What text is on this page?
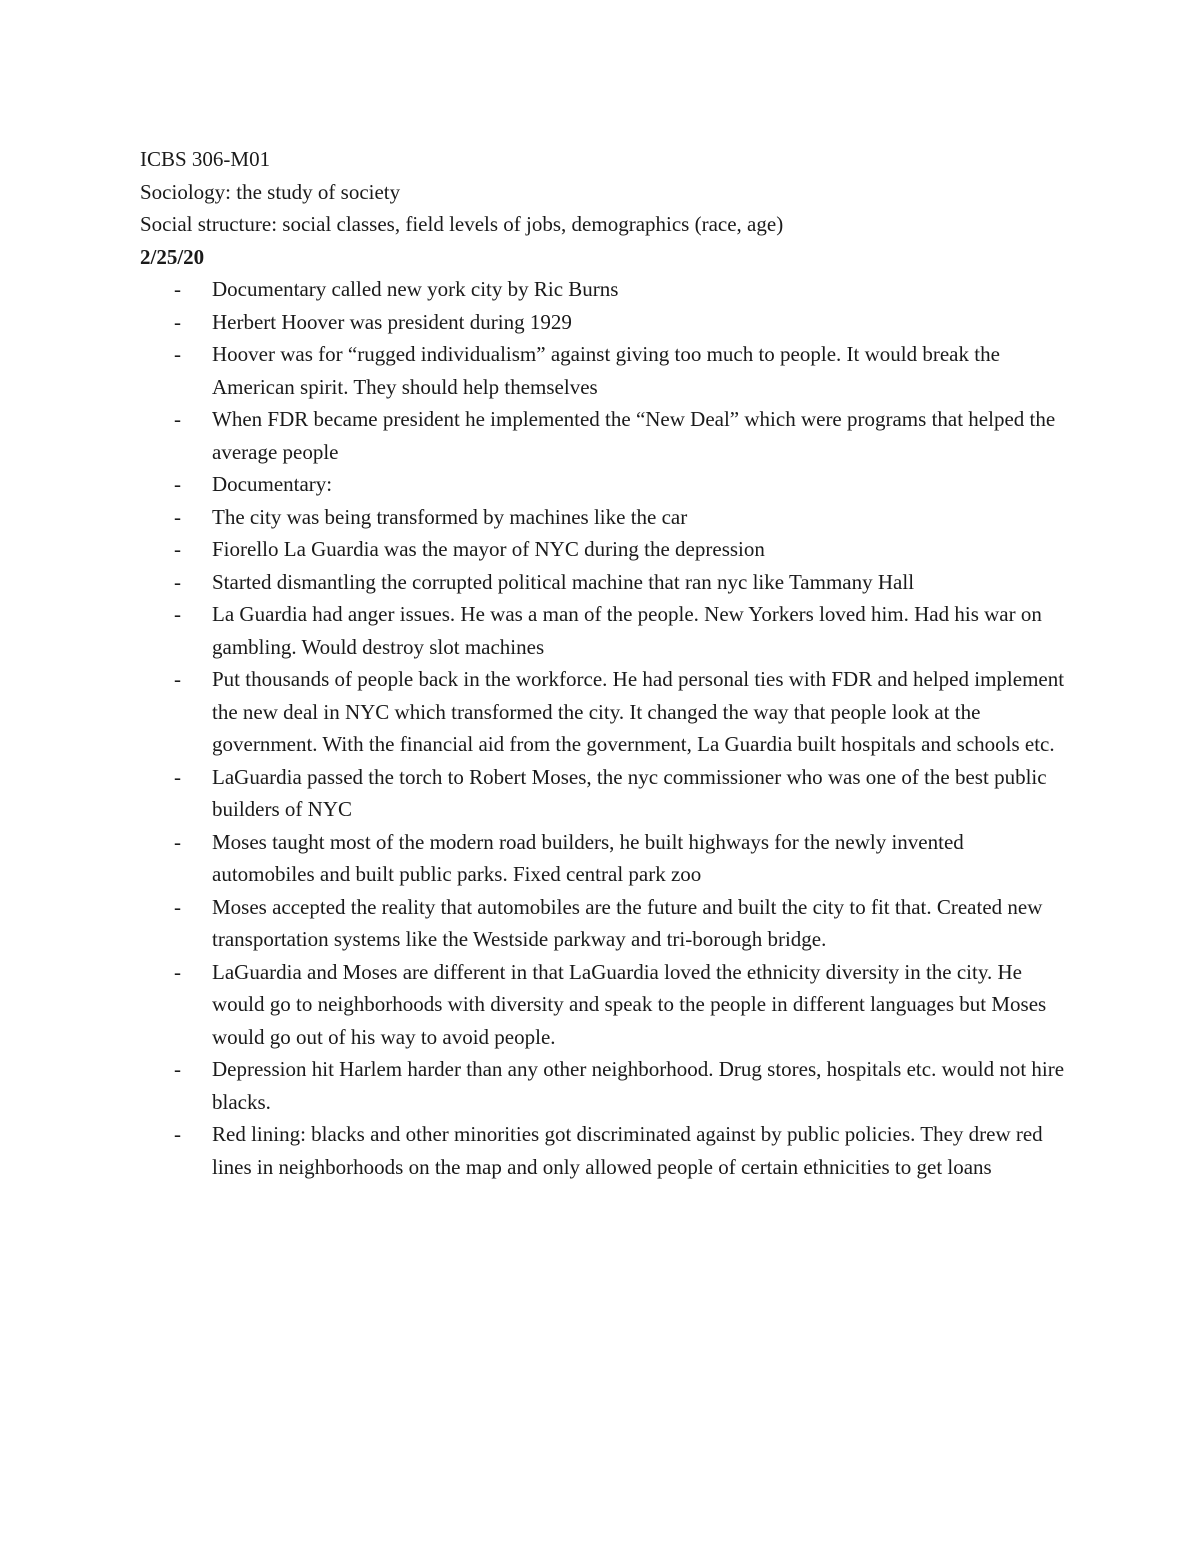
ICBS 306-M01

Sociology: the study of society

Social structure: social classes, field levels of jobs, demographics (race, age)

2/25/20

- Documentary called new york city by Ric Burns
- Herbert Hoover was president during 1929
- Hoover was for “rugged individualism” against giving too much to people. It would break the American spirit. They should help themselves
- When FDR became president he implemented the “New Deal” which were programs that helped the average people
- Documentary:
- The city was being transformed by machines like the car
- Fiorello La Guardia was the mayor of NYC during the depression
- Started dismantling the corrupted political machine that ran nyc like Tammany Hall
- La Guardia had anger issues. He was a man of the people. New Yorkers loved him. Had his war on gambling. Would destroy slot machines
- Put thousands of people back in the workforce. He had personal ties with FDR and helped implement the new deal in NYC which transformed the city. It changed the way that people look at the government. With the financial aid from the government, La Guardia built hospitals and schools etc.
- LaGuardia passed the torch to Robert Moses, the nyc commissioner who was one of the best public builders of NYC
- Moses taught most of the modern road builders, he built highways for the newly invented automobiles and built public parks. Fixed central park zoo
- Moses accepted the reality that automobiles are the future and built the city to fit that. Created new transportation systems like the Westside parkway and tri-borough bridge.
- LaGuardia and Moses are different in that LaGuardia loved the ethnicity diversity in the city. He would go to neighborhoods with diversity and speak to the people in different languages but Moses would go out of his way to avoid people.
- Depression hit Harlem harder than any other neighborhood. Drug stores, hospitals etc. would not hire blacks.
- Red lining: blacks and other minorities got discriminated against by public policies. They drew red lines in neighborhoods on the map and only allowed people of certain ethnicities to get loans
